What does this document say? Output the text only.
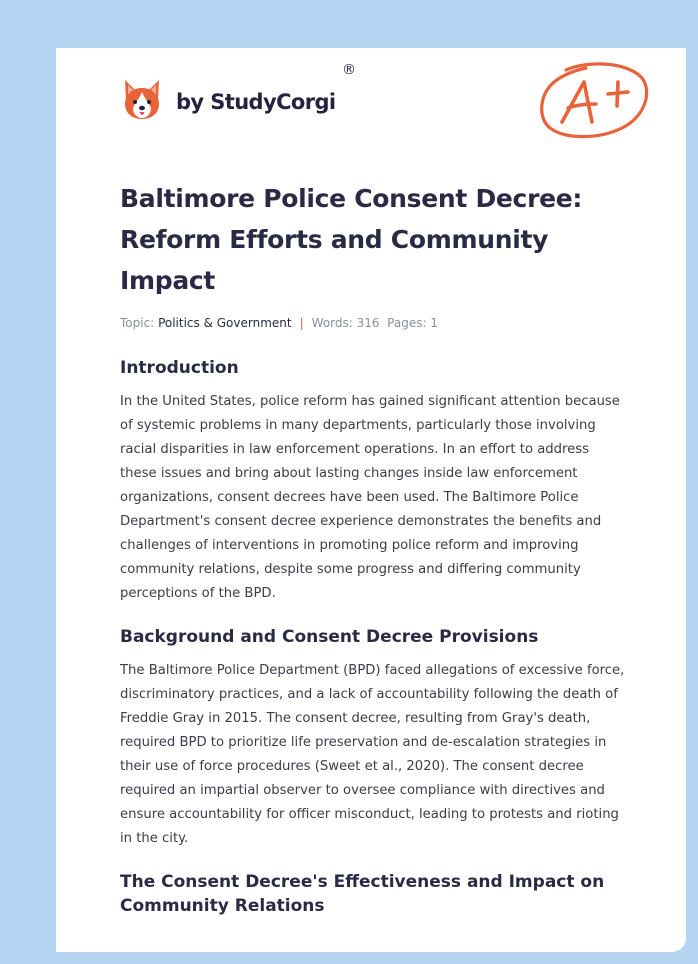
by StudyCorgi
®
Baltimore Police Consent Decree: Reform Efforts and Community Impact
Topic: Politics & Government | Words: 316 Pages: 1
Introduction

In the United States, police reform has gained significant attention because of systemic problems in many departments, particularly those involving racial disparities in law enforcement operations. In an effort to address these issues and bring about lasting changes inside law enforcement organizations, consent decrees have been used. The Baltimore Police Department's consent decree experience demonstrates the benefits and challenges of interventions in promoting police reform and improving community relations, despite some progress and differing community perceptions of the BPD.

Background and Consent Decree Provisions

The Baltimore Police Department (BPD) faced allegations of excessive force, discriminatory practices, and a lack of accountability following the death of Freddie Gray in 2015. The consent decree, resulting from Gray's death, required BPD to prioritize life preservation and de-escalation strategies in their use of force procedures (Sweet et al., 2020). The consent decree required an impartial observer to oversee compliance with directives and ensure accountability for officer misconduct, leading to protests and rioting in the city.

The Consent Decree's Effectiveness and Impact on Community Relations
